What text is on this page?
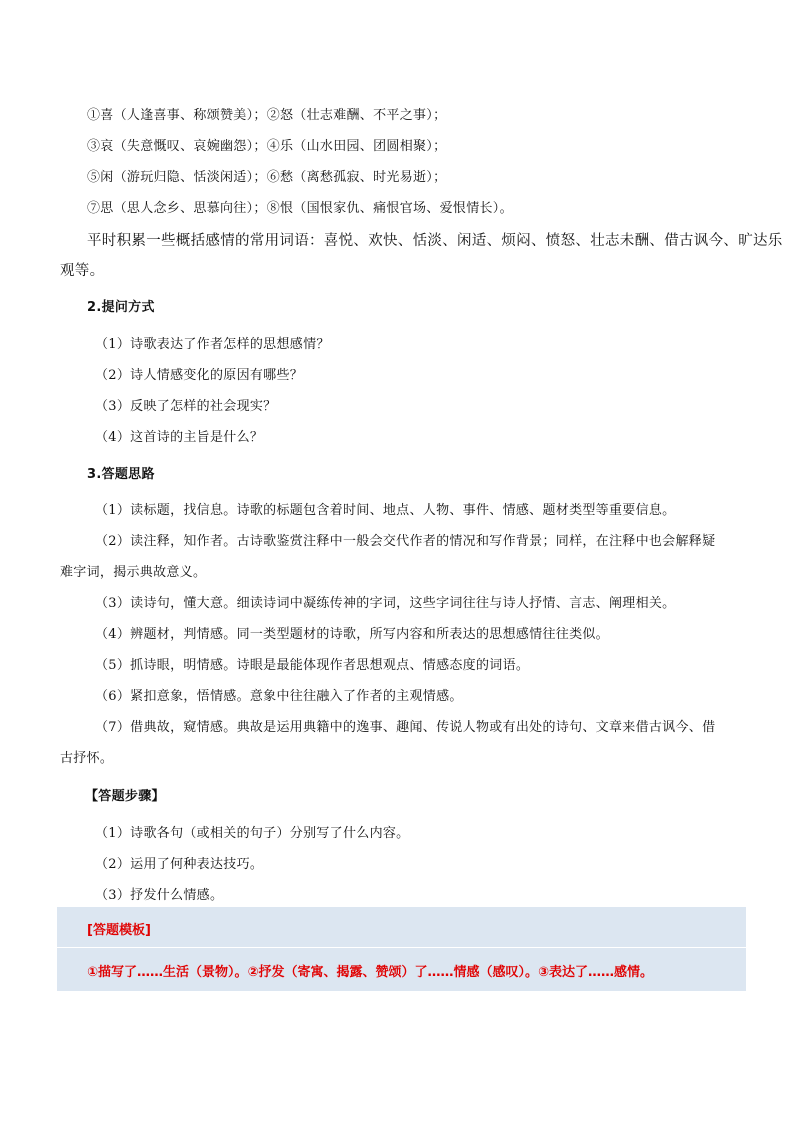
①喜（人逢喜事、称颂赞美）；②怒（壮志难酬、不平之事）；
③哀（失意慨叹、哀婉幽怨）；④乐（山水田园、团圆相聚）；
⑤闲（游玩归隐、恬淡闲适）；⑥愁（离愁孤寂、时光易逝）；
⑦思（思人念乡、思慕向往）；⑧恨（国恨家仇、痛恨官场、爱恨情长）。
平时积累一些概括感情的常用词语：喜悦、欢快、恬淡、闲适、烦闷、愤怒、壮志未酬、借古讽今、旷达乐
观等。
2.提问方式
（1）诗歌表达了作者怎样的思想感情？
（2）诗人情感变化的原因有哪些？
（3）反映了怎样的社会现实？
（4）这首诗的主旨是什么？
3.答题思路
（1）读标题，找信息。诗歌的标题包含着时间、地点、人物、事件、情感、题材类型等重要信息。
（2）读注释，知作者。古诗歌鉴赏注释中一般会交代作者的情况和写作背景；同样，在注释中也会解释疑
难字词，揭示典故意义。
（3）读诗句，懂大意。细读诗词中凝练传神的字词，这些字词往往与诗人抒情、言志、阐理相关。
（4）辨题材，判情感。同一类型题材的诗歌，所写内容和所表达的思想感情往往类似。
（5）抓诗眼，明情感。诗眼是最能体现作者思想观点、情感态度的词语。
（6）紧扣意象，悟情感。意象中往往融入了作者的主观情感。
（7）借典故，窥情感。典故是运用典籍中的逸事、趣闻、传说人物或有出处的诗句、文章来借古讽今、借
古抒怀。
【答题步骤】
（1）诗歌各句（或相关的句子）分别写了什么内容。
（2）运用了何种表达技巧。
（3）抒发什么情感。
[答题模板]
①描写了……生活（景物）。②抒发（寄寓、揭露、赞颂）了……情感（感叹）。③表达了……感情。
